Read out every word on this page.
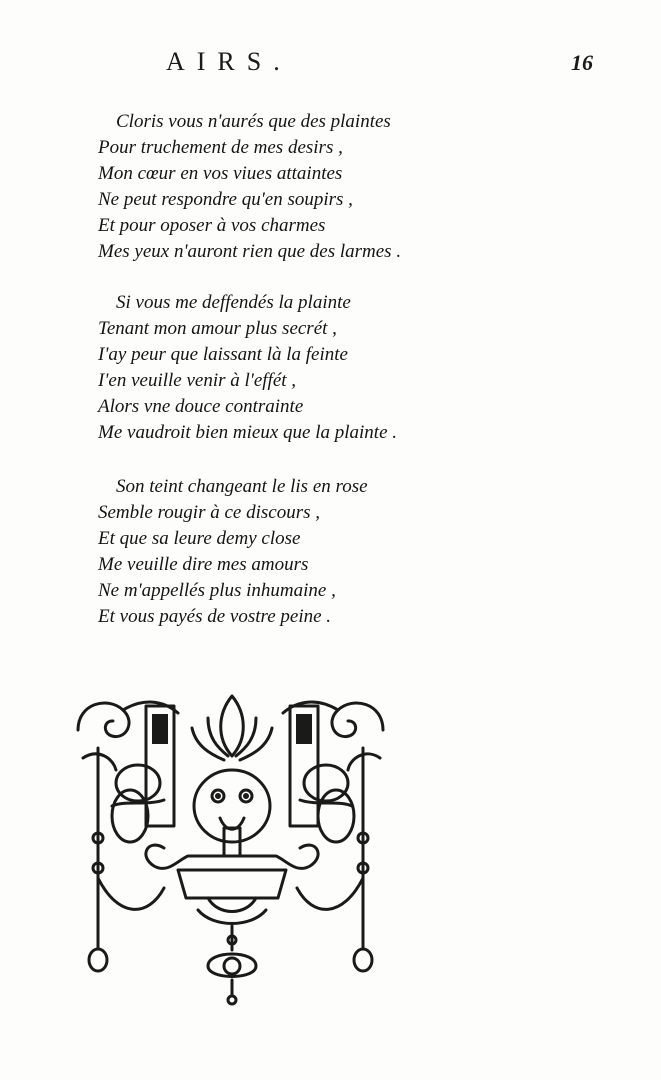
AIRS.	16
Cloris vous n'aurés que des plaintes
Pour truchement de mes desirs ,
Mon cœur en vos viues attaintes
Ne peut respondre qu'en soupirs ,
Et pour oposer à vos charmes
Mes yeux n'auront rien que des larmes .
Si vous me deffendés la plainte
Tenant mon amour plus secrét ,
I'ay peur que laissant là la feinte
I'en veuille venir à l'effét ,
Alors vne douce contrainte
Me vaudroit bien mieux que la plainte .
Son teint changeant le lis en rose
Semble rougir à ce discours ,
Et que sa leure demy close
Me veuille dire mes amours
Ne m'appellés plus inhumaine ,
Et vous payés de vostre peine .
